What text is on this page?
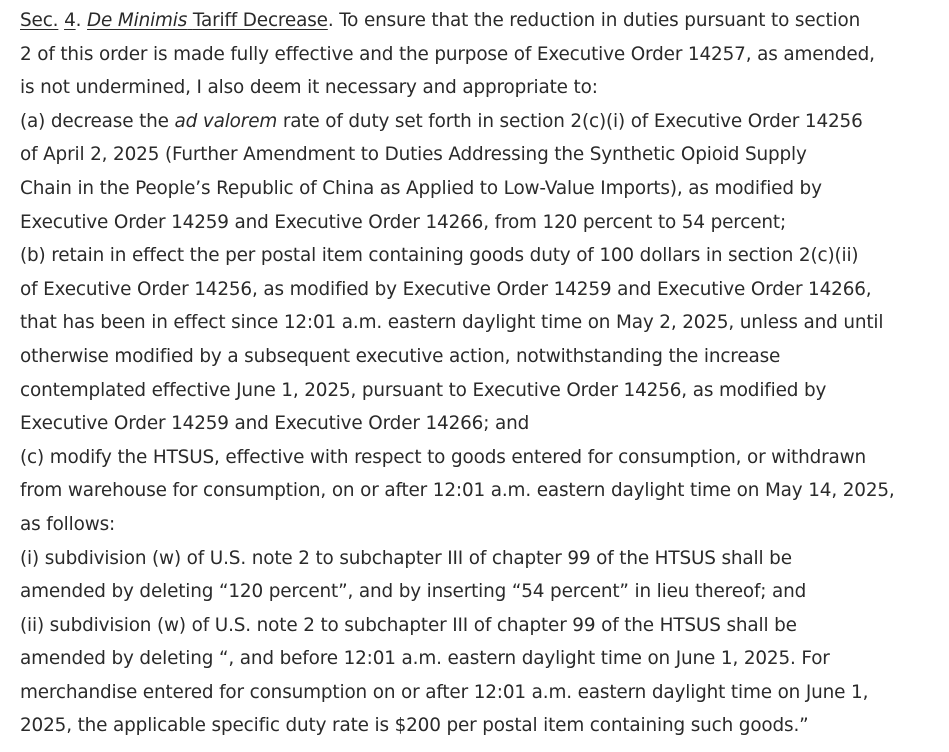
Sec. 4. De Minimis Tariff Decrease. To ensure that the reduction in duties pursuant to section
2 of this order is made fully effective and the purpose of Executive Order 14257, as amended,
is not undermined, I also deem it necessary and appropriate to:
(a) decrease the ad valorem rate of duty set forth in section 2(c)(i) of Executive Order 14256
of April 2, 2025 (Further Amendment to Duties Addressing the Synthetic Opioid Supply
Chain in the People’s Republic of China as Applied to Low-Value Imports), as modified by
Executive Order 14259 and Executive Order 14266, from 120 percent to 54 percent;
(b) retain in effect the per postal item containing goods duty of 100 dollars in section 2(c)(ii)
of Executive Order 14256, as modified by Executive Order 14259 and Executive Order 14266,
that has been in effect since 12:01 a.m. eastern daylight time on May 2, 2025, unless and until
otherwise modified by a subsequent executive action, notwithstanding the increase
contemplated effective June 1, 2025, pursuant to Executive Order 14256, as modified by
Executive Order 14259 and Executive Order 14266; and
(c) modify the HTSUS, effective with respect to goods entered for consumption, or withdrawn
from warehouse for consumption, on or after 12:01 a.m. eastern daylight time on May 14, 2025,
as follows:
(i) subdivision (w) of U.S. note 2 to subchapter III of chapter 99 of the HTSUS shall be
amended by deleting “120 percent”, and by inserting “54 percent” in lieu thereof; and
(ii) subdivision (w) of U.S. note 2 to subchapter III of chapter 99 of the HTSUS shall be
amended by deleting “, and before 12:01 a.m. eastern daylight time on June 1, 2025. For
merchandise entered for consumption on or after 12:01 a.m. eastern daylight time on June 1,
2025, the applicable specific duty rate is $200 per postal item containing such goods.”
